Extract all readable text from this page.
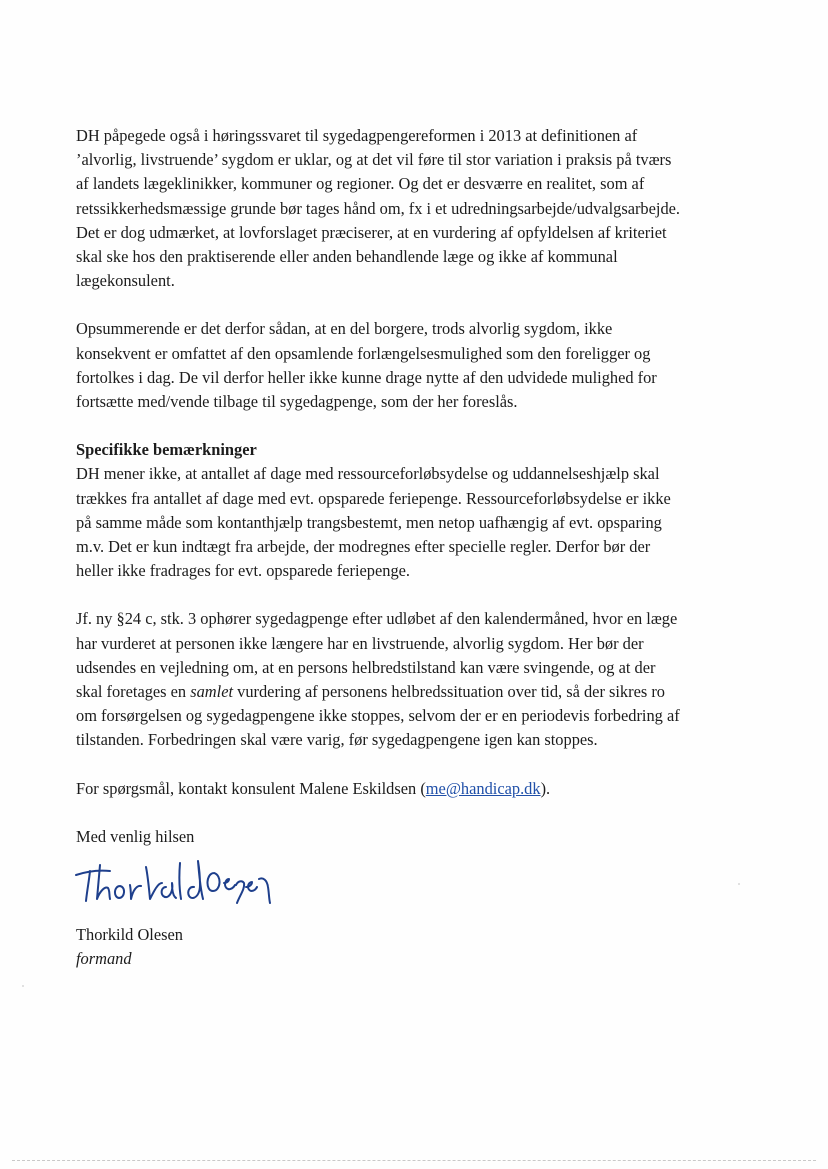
DH påpegede også i høringssvaret til sygedagpengereformen i 2013 at definitionen af
’alvorlig, livstruende’ sygdom er uklar, og at det vil føre til stor variation i praksis på tværs
af landets lægeklinikker, kommuner og regioner. Og det er desværre en realitet, som af
retssikkerhedsmæssige grunde bør tages hånd om, fx i et udredningsarbejde/udvalgsarbejde.
Det er dog udmærket, at lovforslaget præciserer, at en vurdering af opfyldelsen af kriteriet
skal ske hos den praktiserende eller anden behandlende læge og ikke af kommunal
lægekonsulent.

Opsummerende er det derfor sådan, at en del borgere, trods alvorlig sygdom, ikke
konsekvent er omfattet af den opsamlende forlængelsesmulighed som den foreligger og
fortolkes i dag. De vil derfor heller ikke kunne drage nytte af den udvidede mulighed for
fortsætte med/vende tilbage til sygedagpenge, som der her foreslås.

Specifikke bemærkninger
DH mener ikke, at antallet af dage med ressourceforløbsydelse og uddannelseshjælp skal
trækkes fra antallet af dage med evt. opsparede feriepenge. Ressourceforløbsydelse er ikke
på samme måde som kontanthjælp trangsbestemt, men netop uafhængig af evt. opsparing
m.v. Det er kun indtægt fra arbejde, der modregnes efter specielle regler. Derfor bør der
heller ikke fradrages for evt. opsparede feriepenge.

Jf. ny §24 c, stk. 3 ophører sygedagpenge efter udløbet af den kalendermåned, hvor en læge
har vurderet at personen ikke længere har en livstruende, alvorlig sygdom. Her bør der
udsendes en vejledning om, at en persons helbredstilstand kan være svingende, og at der
skal foretages en samlet vurdering af personens helbredssituation over tid, så der sikres ro
om forsørgelsen og sygedagpengene ikke stoppes, selvom der er en periodevis forbedring af
tilstanden. Forbedringen skal være varig, før sygedagpengene igen kan stoppes.

For spørgsmål, kontakt konsulent Malene Eskildsen (me@handicap.dk).

Med venlig hilsen

Thorkild Olesen
formand
